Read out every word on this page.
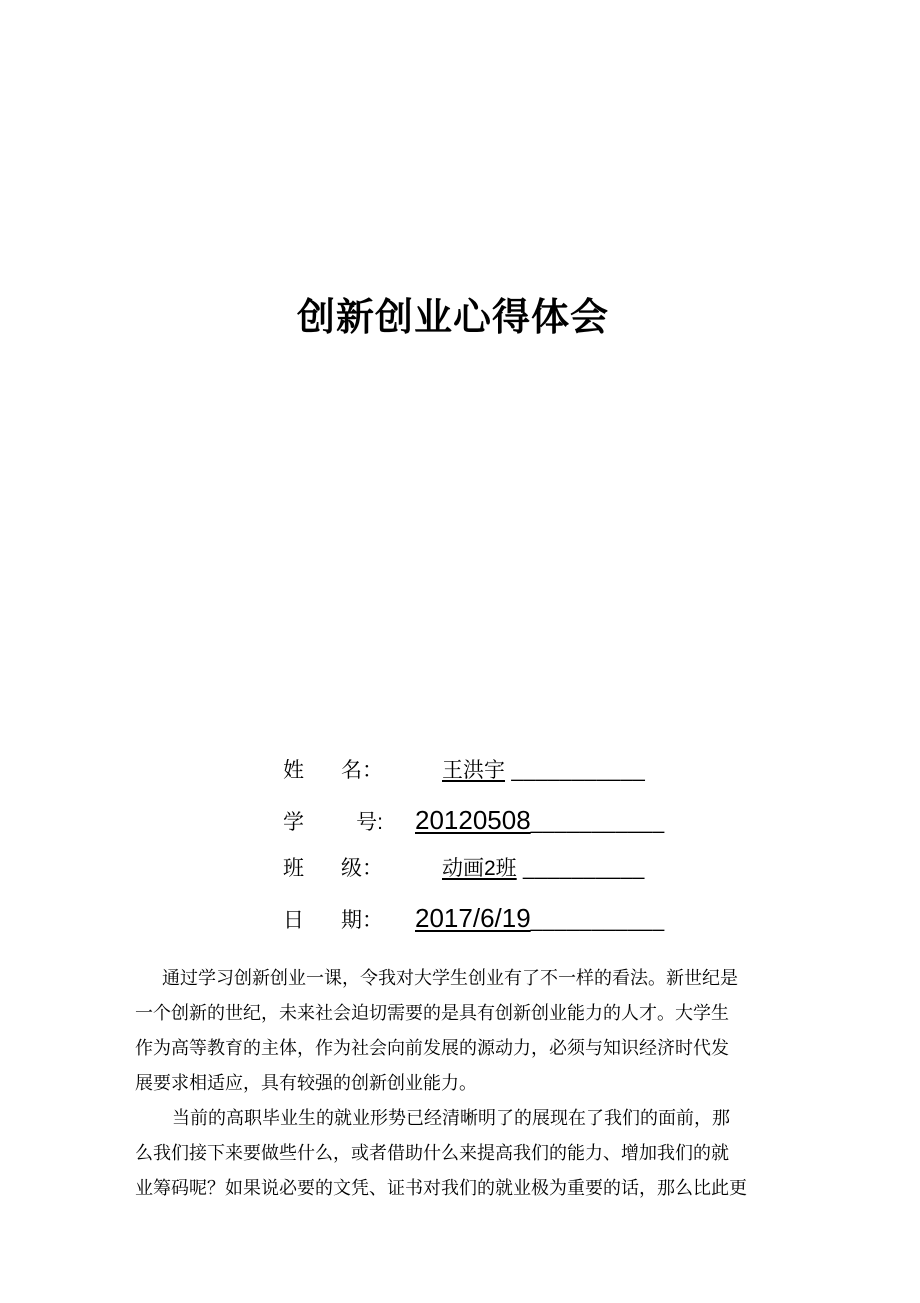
创新创业心得体会
姓 名：	王洪宇 ___________
学 号: 20120508___________
班 级：	动画2班 __________
日 期： 2017/6/19___________
通过学习创新创业一课，令我对大学生创业有了不一样的看法。新世纪是
一个创新的世纪，未来社会迫切需要的是具有创新创业能力的人才。大学生
作为高等教育的主体，作为社会向前发展的源动力，必须与知识经济时代发
展要求相适应，具有较强的创新创业能力。
当前的高职毕业生的就业形势已经清晰明了的展现在了我们的面前，那
么我们接下来要做些什么，或者借助什么来提高我们的能力、增加我们的就
业筹码呢？如果说必要的文凭、证书对我们的就业极为重要的话，那么比此更
